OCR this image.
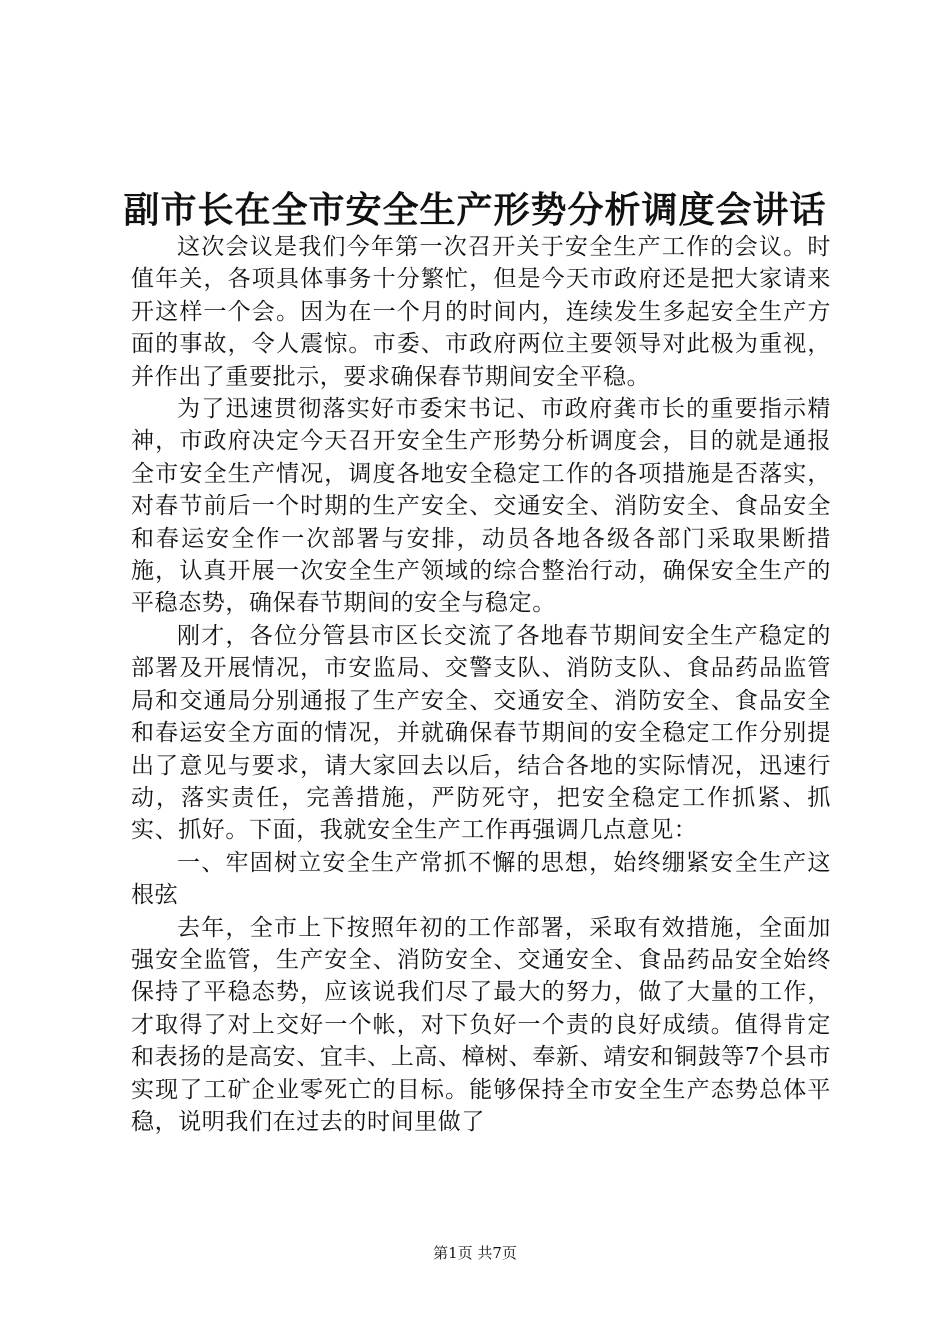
副市长在全市安全生产形势分析调度会讲话

这次会议是我们今年第一次召开关于安全生产工作的会议。时值年关，各项具体事务十分繁忙，但是今天市政府还是把大家请来开这样一个会。因为在一个月的时间内，连续发生多起安全生产方面的事故，令人震惊。市委、市政府两位主要领导对此极为重视，并作出了重要批示，要求确保春节期间安全平稳。

为了迅速贯彻落实好市委宋书记、市政府龚市长的重要指示精神，市政府决定今天召开安全生产形势分析调度会，目的就是通报全市安全生产情况，调度各地安全稳定工作的各项措施是否落实，对春节前后一个时期的生产安全、交通安全、消防安全、食品安全和春运安全作一次部署与安排，动员各地各级各部门采取果断措施，认真开展一次安全生产领域的综合整治行动，确保安全生产的平稳态势，确保春节期间的安全与稳定。

刚才，各位分管县市区长交流了各地春节期间安全生产稳定的部署及开展情况，市安监局、交警支队、消防支队、食品药品监管局和交通局分别通报了生产安全、交通安全、消防安全、食品安全和春运安全方面的情况，并就确保春节期间的安全稳定工作分别提出了意见与要求，请大家回去以后，结合各地的实际情况，迅速行动，落实责任，完善措施，严防死守，把安全稳定工作抓紧、抓实、抓好。下面，我就安全生产工作再强调几点意见：

一、牢固树立安全生产常抓不懈的思想，始终绷紧安全生产这根弦

去年，全市上下按照年初的工作部署，采取有效措施，全面加强安全监管，生产安全、消防安全、交通安全、食品药品安全始终保持了平稳态势，应该说我们尽了最大的努力，做了大量的工作，才取得了对上交好一个帐，对下负好一个责的良好成绩。值得肯定和表扬的是高安、宜丰、上高、樟树、奉新、靖安和铜鼓等7个县市实现了工矿企业零死亡的目标。能够保持全市安全生产态势总体平稳，说明我们在过去的时间里做了

第1页 共7页
